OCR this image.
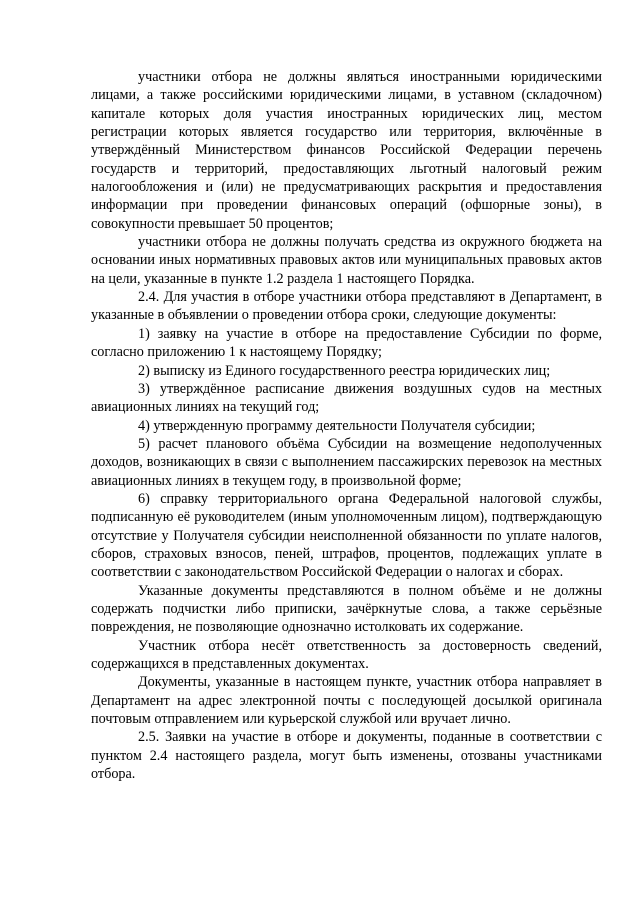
участники отбора не должны являться иностранными юридическими лицами, а также российскими юридическими лицами, в уставном (складочном) капитале которых доля участия иностранных юридических лиц, местом регистрации которых является государство или территория, включённые в утверждённый Министерством финансов Российской Федерации перечень государств и территорий, предоставляющих льготный налоговый режим налогообложения и (или) не предусматривающих раскрытия и предоставления информации при проведении финансовых операций (офшорные зоны), в совокупности превышает 50 процентов;

участники отбора не должны получать средства из окружного бюджета на основании иных нормативных правовых актов или муниципальных правовых актов на цели, указанные в пункте 1.2 раздела 1 настоящего Порядка.

2.4. Для участия в отборе участники отбора представляют в Департамент, в указанные в объявлении о проведении отбора сроки, следующие документы:

1) заявку на участие в отборе на предоставление Субсидии по форме, согласно приложению 1 к настоящему Порядку;

2) выписку из Единого государственного реестра юридических лиц;

3) утверждённое расписание движения воздушных судов на местных авиационных линиях на текущий год;

4) утвержденную программу деятельности Получателя субсидии;

5) расчет планового объёма Субсидии на возмещение недополученных доходов, возникающих в связи с выполнением пассажирских перевозок на местных авиационных линиях в текущем году, в произвольной форме;

6) справку территориального органа Федеральной налоговой службы, подписанную её руководителем (иным уполномоченным лицом), подтверждающую отсутствие у Получателя субсидии неисполненной обязанности по уплате налогов, сборов, страховых взносов, пеней, штрафов, процентов, подлежащих уплате в соответствии с законодательством Российской Федерации о налогах и сборах.

Указанные документы представляются в полном объёме и не должны содержать подчистки либо приписки, зачёркнутые слова, а также серьёзные повреждения, не позволяющие однозначно истолковать их содержание.

Участник отбора несёт ответственность за достоверность сведений, содержащихся в представленных документах.

Документы, указанные в настоящем пункте, участник отбора направляет в Департамент на адрес электронной почты с последующей досылкой оригинала почтовым отправлением или курьерской службой или вручает лично.

2.5. Заявки на участие в отборе и документы, поданные в соответствии с пунктом 2.4 настоящего раздела, могут быть изменены, отозваны участниками отбора.
